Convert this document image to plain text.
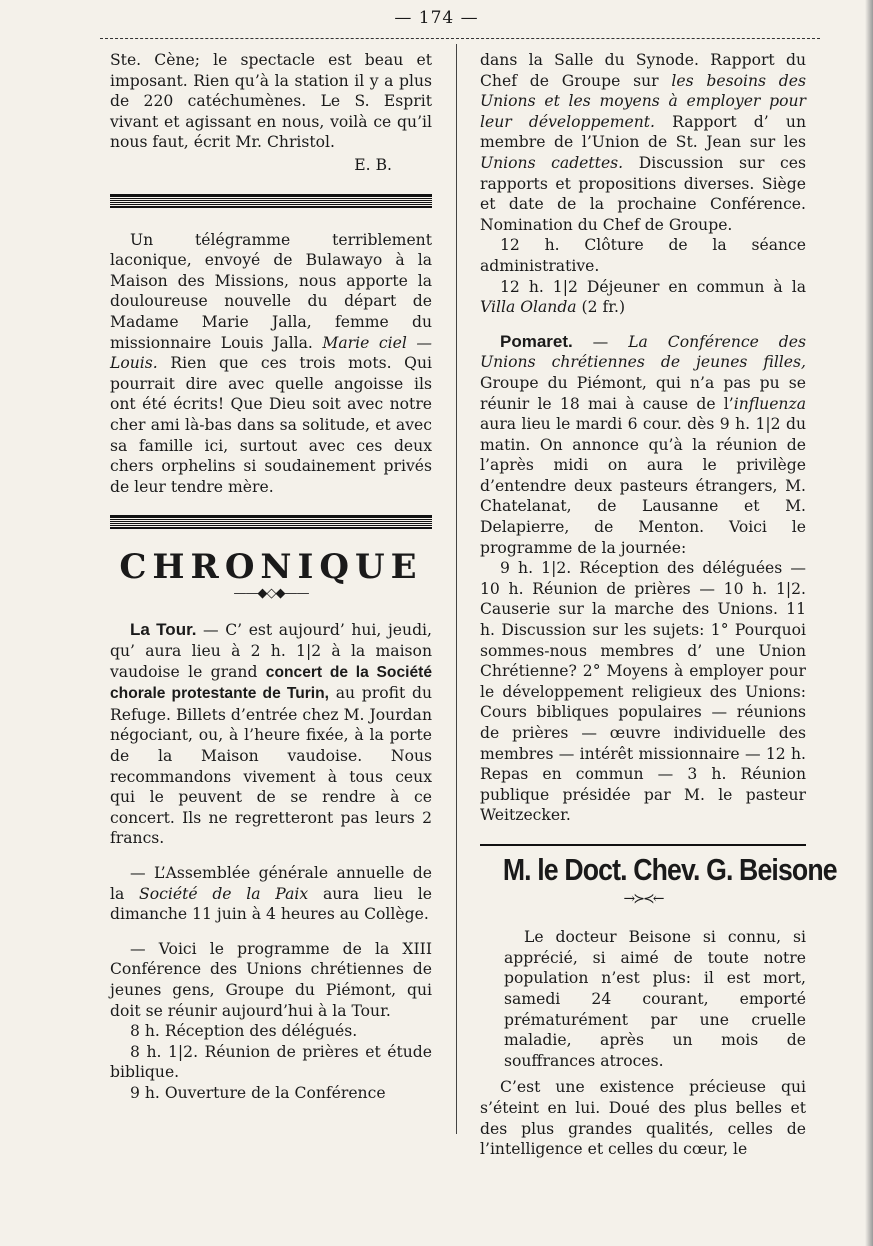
— 174 —

Ste. Cène; le spectacle est beau et imposant. Rien qu’à la station il y a plus de 220 catéchumènes. Le S. Esprit vivant et agissant en nous, voilà ce qu’il nous faut, écrit Mr. Christol.

E. B.

Un télégramme terriblement laconique, envoyé de Bulawayo à la Maison des Missions, nous apporte la douloureuse nouvelle du départ de Madame Marie Jalla, femme du missionnaire Louis Jalla. Marie ciel — Louis. Rien que ces trois mots. Qui pourrait dire avec quelle angoisse ils ont été écrits! Que Dieu soit avec notre cher ami là-bas dans sa solitude, et avec sa famille ici, surtout avec ces deux chers orphelins si soudainement privés de leur tendre mère.

CHRONIQUE
——◆◇◆——

La Tour. — C’ est aujourd’ hui, jeudi, qu’ aura lieu à 2 h. 1|2 à la maison vaudoise le grand concert de la Société chorale protestante de Turin, au profit du Refuge. Billets d’entrée chez M. Jourdan négociant, ou, à l’heure fixée, à la porte de la Maison vaudoise. Nous recommandons vivement à tous ceux qui le peuvent de se rendre à ce concert. Ils ne regretteront pas leurs 2 francs.

— L’Assemblée générale annuelle de la Société de la Paix aura lieu le dimanche 11 juin à 4 heures au Collège.

— Voici le programme de la XIII Conférence des Unions chrétiennes de jeunes gens, Groupe du Piémont, qui doit se réunir aujourd’hui à la Tour.

8 h. Réception des délégués.

8 h. 1|2. Réunion de prières et étude biblique.

9 h. Ouverture de la Conférence

dans la Salle du Synode. Rapport du Chef de Groupe sur les besoins des Unions et les moyens à employer pour leur développement. Rapport d’ un membre de l’Union de St. Jean sur les Unions cadettes. Discussion sur ces rapports et propositions diverses. Siège et date de la prochaine Conférence. Nomination du Chef de Groupe.

12 h. Clôture de la séance administrative.

12 h. 1|2 Déjeuner en commun à la Villa Olanda (2 fr.)

Pomaret. — La Conférence des Unions chrétiennes de jeunes filles, Groupe du Piémont, qui n’a pas pu se réunir le 18 mai à cause de l’influenza aura lieu le mardi 6 cour. dès 9 h. 1|2 du matin. On annonce qu’à la réunion de l’après midi on aura le privilège d’entendre deux pasteurs étrangers, M. Chatelanat, de Lausanne et M. Delapierre, de Menton. Voici le programme de la journée:

9 h. 1|2. Réception des déléguées — 10 h. Réunion de prières — 10 h. 1|2. Causerie sur la marche des Unions. 11 h. Discussion sur les sujets: 1° Pourquoi sommes-nous membres d’ une Union Chrétienne? 2° Moyens à employer pour le développement religieux des Unions: Cours bibliques populaires — réunions de prières — œuvre individuelle des membres — intérêt missionnaire — 12 h. Repas en commun — 3 h. Réunion publique présidée par M. le pasteur Weitzecker.

M. le Doct. Chev. G. Beisone
→≻≺←

Le docteur Beisone si connu, si apprécié, si aimé de toute notre population n’est plus: il est mort, samedi 24 courant, emporté prématurément par une cruelle maladie, après un mois de souffrances atroces.

C’est une existence précieuse qui s’éteint en lui. Doué des plus belles et des plus grandes qualités, celles de l’intelligence et celles du cœur, le
